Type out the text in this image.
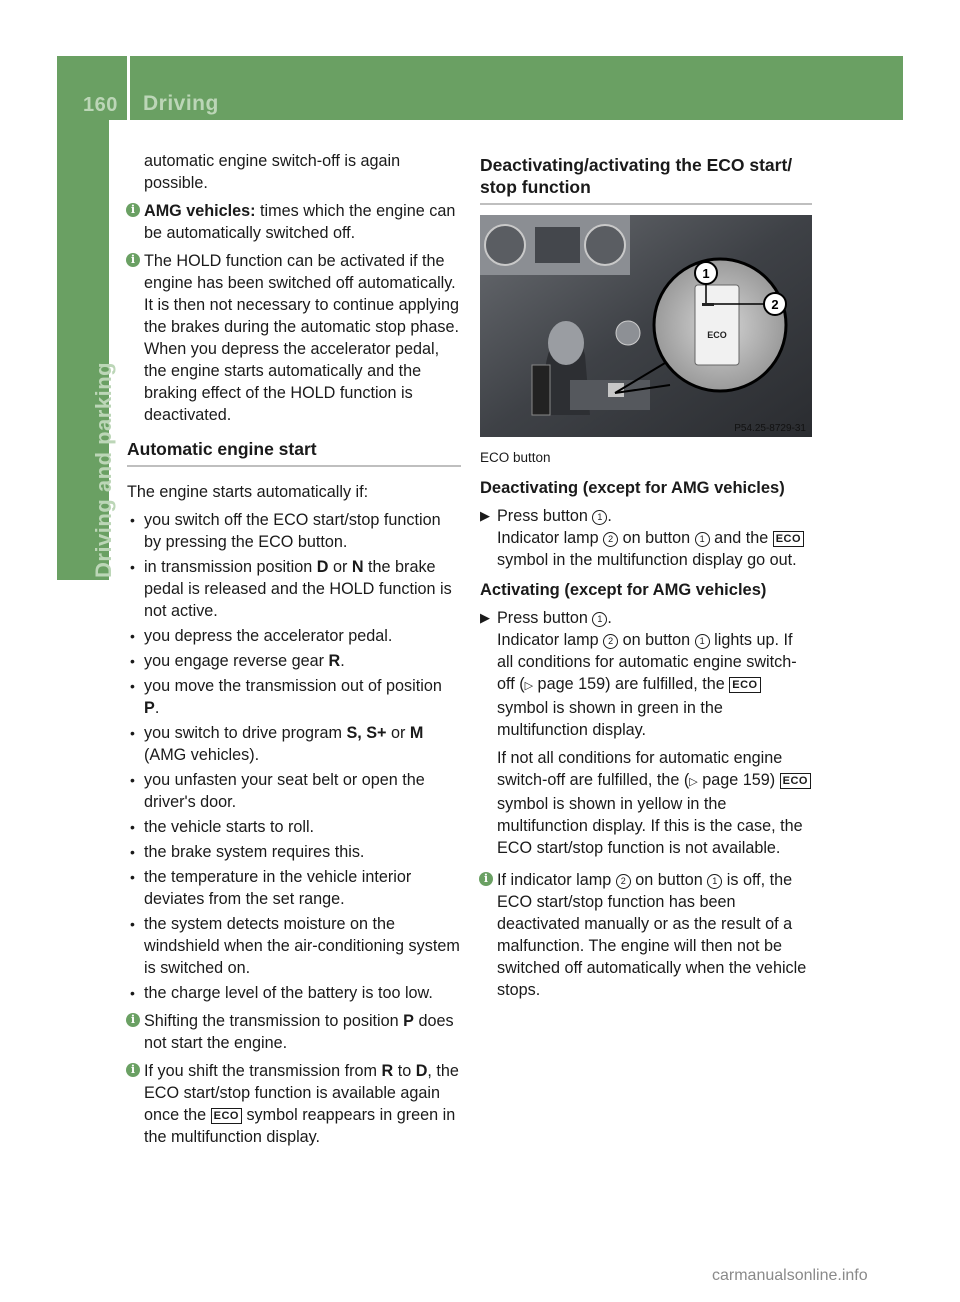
160 Driving
Driving and parking
automatic engine switch-off is again possible.
i AMG vehicles: times which the engine can be automatically switched off.
i The HOLD function can be activated if the engine has been switched off automatically. It is then not necessary to continue applying the brakes during the automatic stop phase. When you depress the accelerator pedal, the engine starts automatically and the braking effect of the HOLD function is deactivated.
Automatic engine start
The engine starts automatically if:
• you switch off the ECO start/stop function by pressing the ECO button.
• in transmission position D or N the brake pedal is released and the HOLD function is not active.
• you depress the accelerator pedal.
• you engage reverse gear R.
• you move the transmission out of position P.
• you switch to drive program S, S+ or M (AMG vehicles).
• you unfasten your seat belt or open the driver's door.
• the vehicle starts to roll.
• the brake system requires this.
• the temperature in the vehicle interior deviates from the set range.
• the system detects moisture on the windshield when the air-conditioning system is switched on.
• the charge level of the battery is too low.
i Shifting the transmission to position P does not start the engine.
i If you shift the transmission from R to D, the ECO start/stop function is available again once the ECO symbol reappears in green in the multifunction display.
Deactivating/activating the ECO start/ stop function
1
2
ECO
P54.25-8729-31
ECO button
Deactivating (except for AMG vehicles)
▶ Press button 1 .
Indicator lamp 2 on button 1 and the ECO symbol in the multifunction display go out.
Activating (except for AMG vehicles)
▶ Press button 1 .
Indicator lamp 2 on button 1 lights up. If all conditions for automatic engine switch-off (▷ page 159) are fulfilled, the ECO symbol is shown in green in the multifunction display.
If not all conditions for automatic engine switch-off are fulfilled, the (▷ page 159) ECO symbol is shown in yellow in the multifunction display. If this is the case, the ECO start/stop function is not available.
i If indicator lamp 2 on button 1 is off, the ECO start/stop function has been deactivated manually or as the result of a malfunction. The engine will then not be switched off automatically when the vehicle stops.
carmanualsonline.info
